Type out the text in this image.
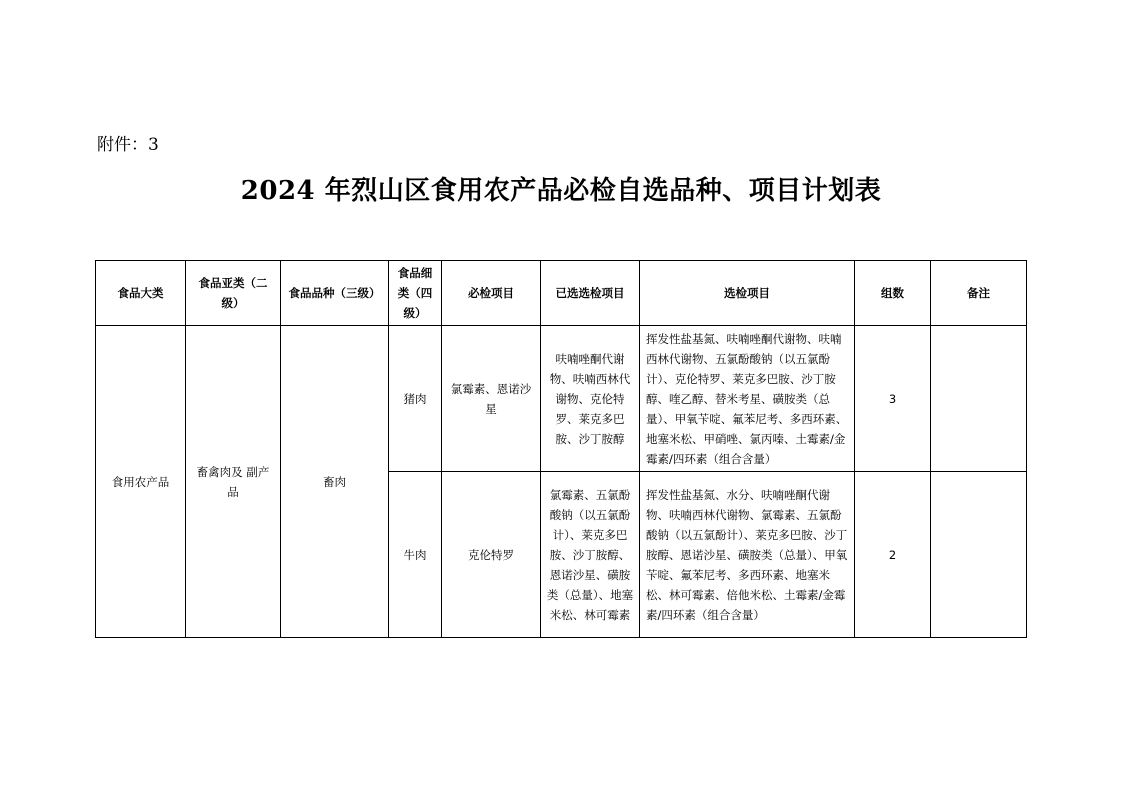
附件：3
2024 年烈山区食用农产品必检自选品种、项目计划表
食品大类	食品亚类（二级）	食品品种（三级）	食品细类（四级）	必检项目	已选选检项目	选检项目	组数	备注
食用农产品	畜禽肉及 副产品	畜肉	猪肉	氯霉素、恩诺沙星	呋喃唑酮代谢物、呋喃西林代谢物、克伦特罗、莱克多巴胺、沙丁胺醇	挥发性盐基氮、呋喃唑酮代谢物、呋喃西林代谢物、五氯酚酸钠（以五氯酚计）、克伦特罗、莱克多巴胺、沙丁胺醇、喹乙醇、替米考星、磺胺类（总量）、甲氧苄啶、氟苯尼考、多西环素、地塞米松、甲硝唑、氯丙嗪、土霉素/金霉素/四环素（组合含量）	3	
			牛肉	克伦特罗	氯霉素、五氯酚酸钠（以五氯酚计）、莱克多巴胺、沙丁胺醇、恩诺沙星、磺胺类（总量）、地塞米松、林可霉素	挥发性盐基氮、水分、呋喃唑酮代谢物、呋喃西林代谢物、氯霉素、五氯酚酸钠（以五氯酚计）、莱克多巴胺、沙丁胺醇、恩诺沙星、磺胺类（总量）、甲氧苄啶、氟苯尼考、多西环素、地塞米松、林可霉素、倍他米松、土霉素/金霉素/四环素（组合含量）	2	
